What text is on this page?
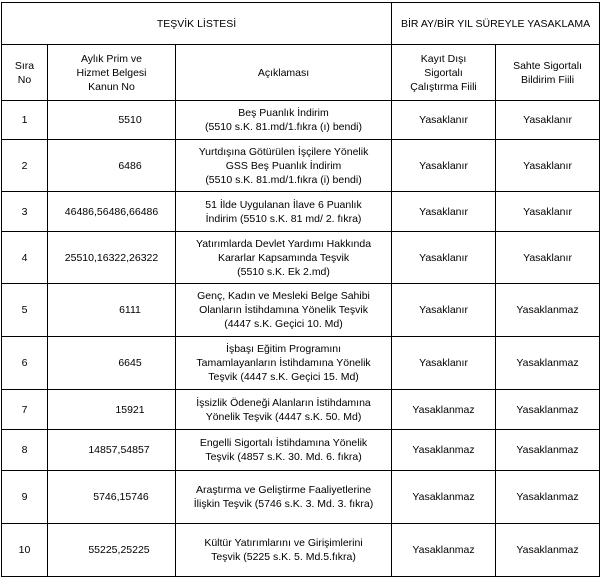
TEŞVİK LİSTESİ			BİR AY/BİR YIL SÜREYLE YASAKLAMA	

Sıra
No	Aylık Prim ve
Hizmet Belgesi
Kanun No	Açıklaması	Kayıt Dışı
Sigortalı
Çalıştırma Fiili	Sahte Sigortalı
Bildirim Fiili

1	5510	Beş Puanlık İndirim
(5510 s.K. 81.md/1.fıkra (ı) bendi)	Yasaklanır	Yasaklanır
2	6486	Yurtdışına Götürülen İşçilere Yönelik
GSS Beş Puanlık İndirim
(5510 s.K. 81.md/1.fıkra (i) bendi)	Yasaklanır	Yasaklanır
3	46486,56486,66486	51 İlde Uygulanan İlave 6 Puanlık
İndirim (5510 s.K. 81 md/ 2. fıkra)	Yasaklanır	Yasaklanır
4	25510,16322,26322	Yatırımlarda Devlet Yardımı Hakkında
Kararlar Kapsamında Teşvik
(5510 s.K. Ek 2.md)	Yasaklanır	Yasaklanır
5	6111	Genç, Kadın ve Mesleki Belge Sahibi
Olanların İstihdamına Yönelik Teşvik
(4447 s.K. Geçici 10. Md)	Yasaklanır	Yasaklanmaz
6	6645	İşbaşı Eğitim Programını
Tamamlayanların İstihdamına Yönelik
Teşvik (4447 s.K. Geçici 15. Md)	Yasaklanır	Yasaklanmaz
7	15921	İşsizlik Ödeneği Alanların İstihdamına
Yönelik Teşvik (4447 s.K. 50. Md)	Yasaklanmaz	Yasaklanmaz
8	14857,54857	Engelli Sigortalı İstihdamına Yönelik
Teşvik (4857 s.K. 30. Md. 6. fıkra)	Yasaklanmaz	Yasaklanmaz
9	5746,15746	Araştırma ve Geliştirme Faaliyetlerine
İlişkin Teşvik (5746 s.K. 3. Md. 3. fıkra)	Yasaklanmaz	Yasaklanmaz
10	55225,25225	Kültür Yatırımlarını ve Girişimlerini
Teşvik (5225 s.K. 5. Md.5.fıkra)	Yasaklanmaz	Yasaklanmaz
